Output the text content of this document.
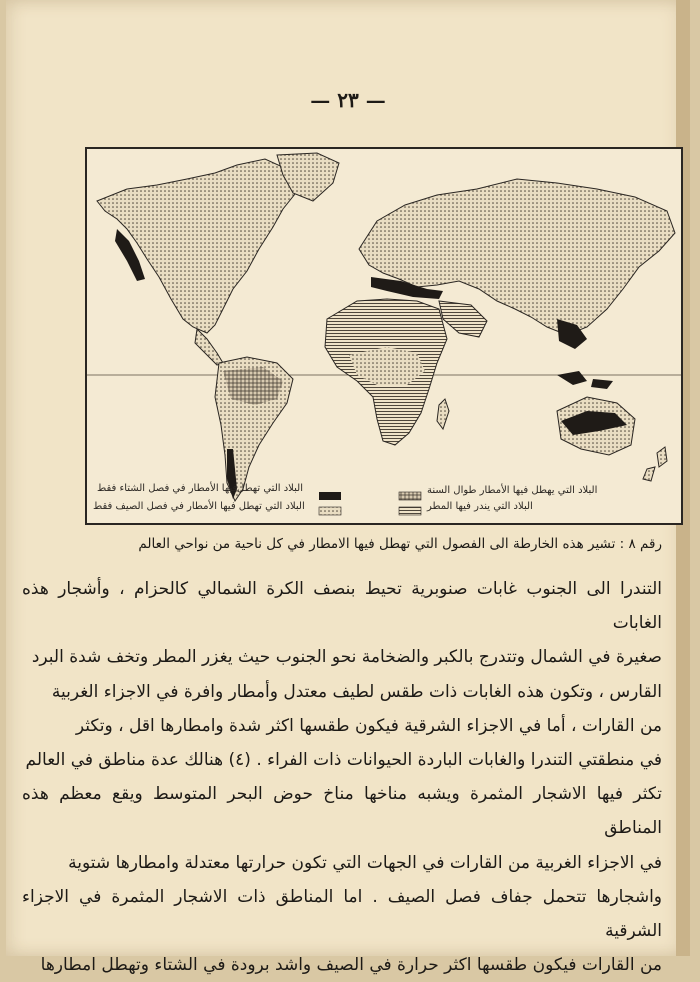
— ٢٣ —
البلاد التي تهطل
فيها الأمطار في فصل الشتاء فقط
البلاد التي تهطل فيها الأمطار في فصل الصيف فقط
البلاد التي يهطل فيها الأمطار طوال السنة
البلاد التي يندر فيها المطر
رقم ٨ : تشير هذه الخارطة الى الفصول التي تهطل فيها الامطار في كل ناحية من نواحي العالم

التندرا الى الجنوب غابات صنوبرية تحيط بنصف الكرة الشمالي كالحزام ، وأشجار هذه الغابات

صغيرة في الشمال وتتدرج بالكبر والضخامة نحو الجنوب حيث يغزر المطر وتخف شدة البرد

القارس ، وتكون هذه الغابات ذات طقس لطيف معتدل وأمطار وافرة في الاجزاء الغربية

من القارات ، أما في الاجزاء الشرقية فيكون طقسها اكثر شدة وامطارها اقل ، وتكثر

في منطقتي التندرا والغابات الباردة الحيوانات ذات الفراء . (٤) هنالك عدة مناطق في العالم

تكثر فيها الاشجار المثمرة ويشبه مناخها مناخ حوض البحر المتوسط ويقع معظم هذه المناطق

في الاجزاء الغربية من القارات في الجهات التي تكون حرارتها معتدلة وامطارها شتوية

واشجارها تتحمل جفاف فصل الصيف . اما المناطق ذات الاشجار المثمرة في الاجزاء الشرقية

من القارات فيكون طقسها اكثر حرارة في الصيف واشد برودة في الشتاء وتهطل امطارها
